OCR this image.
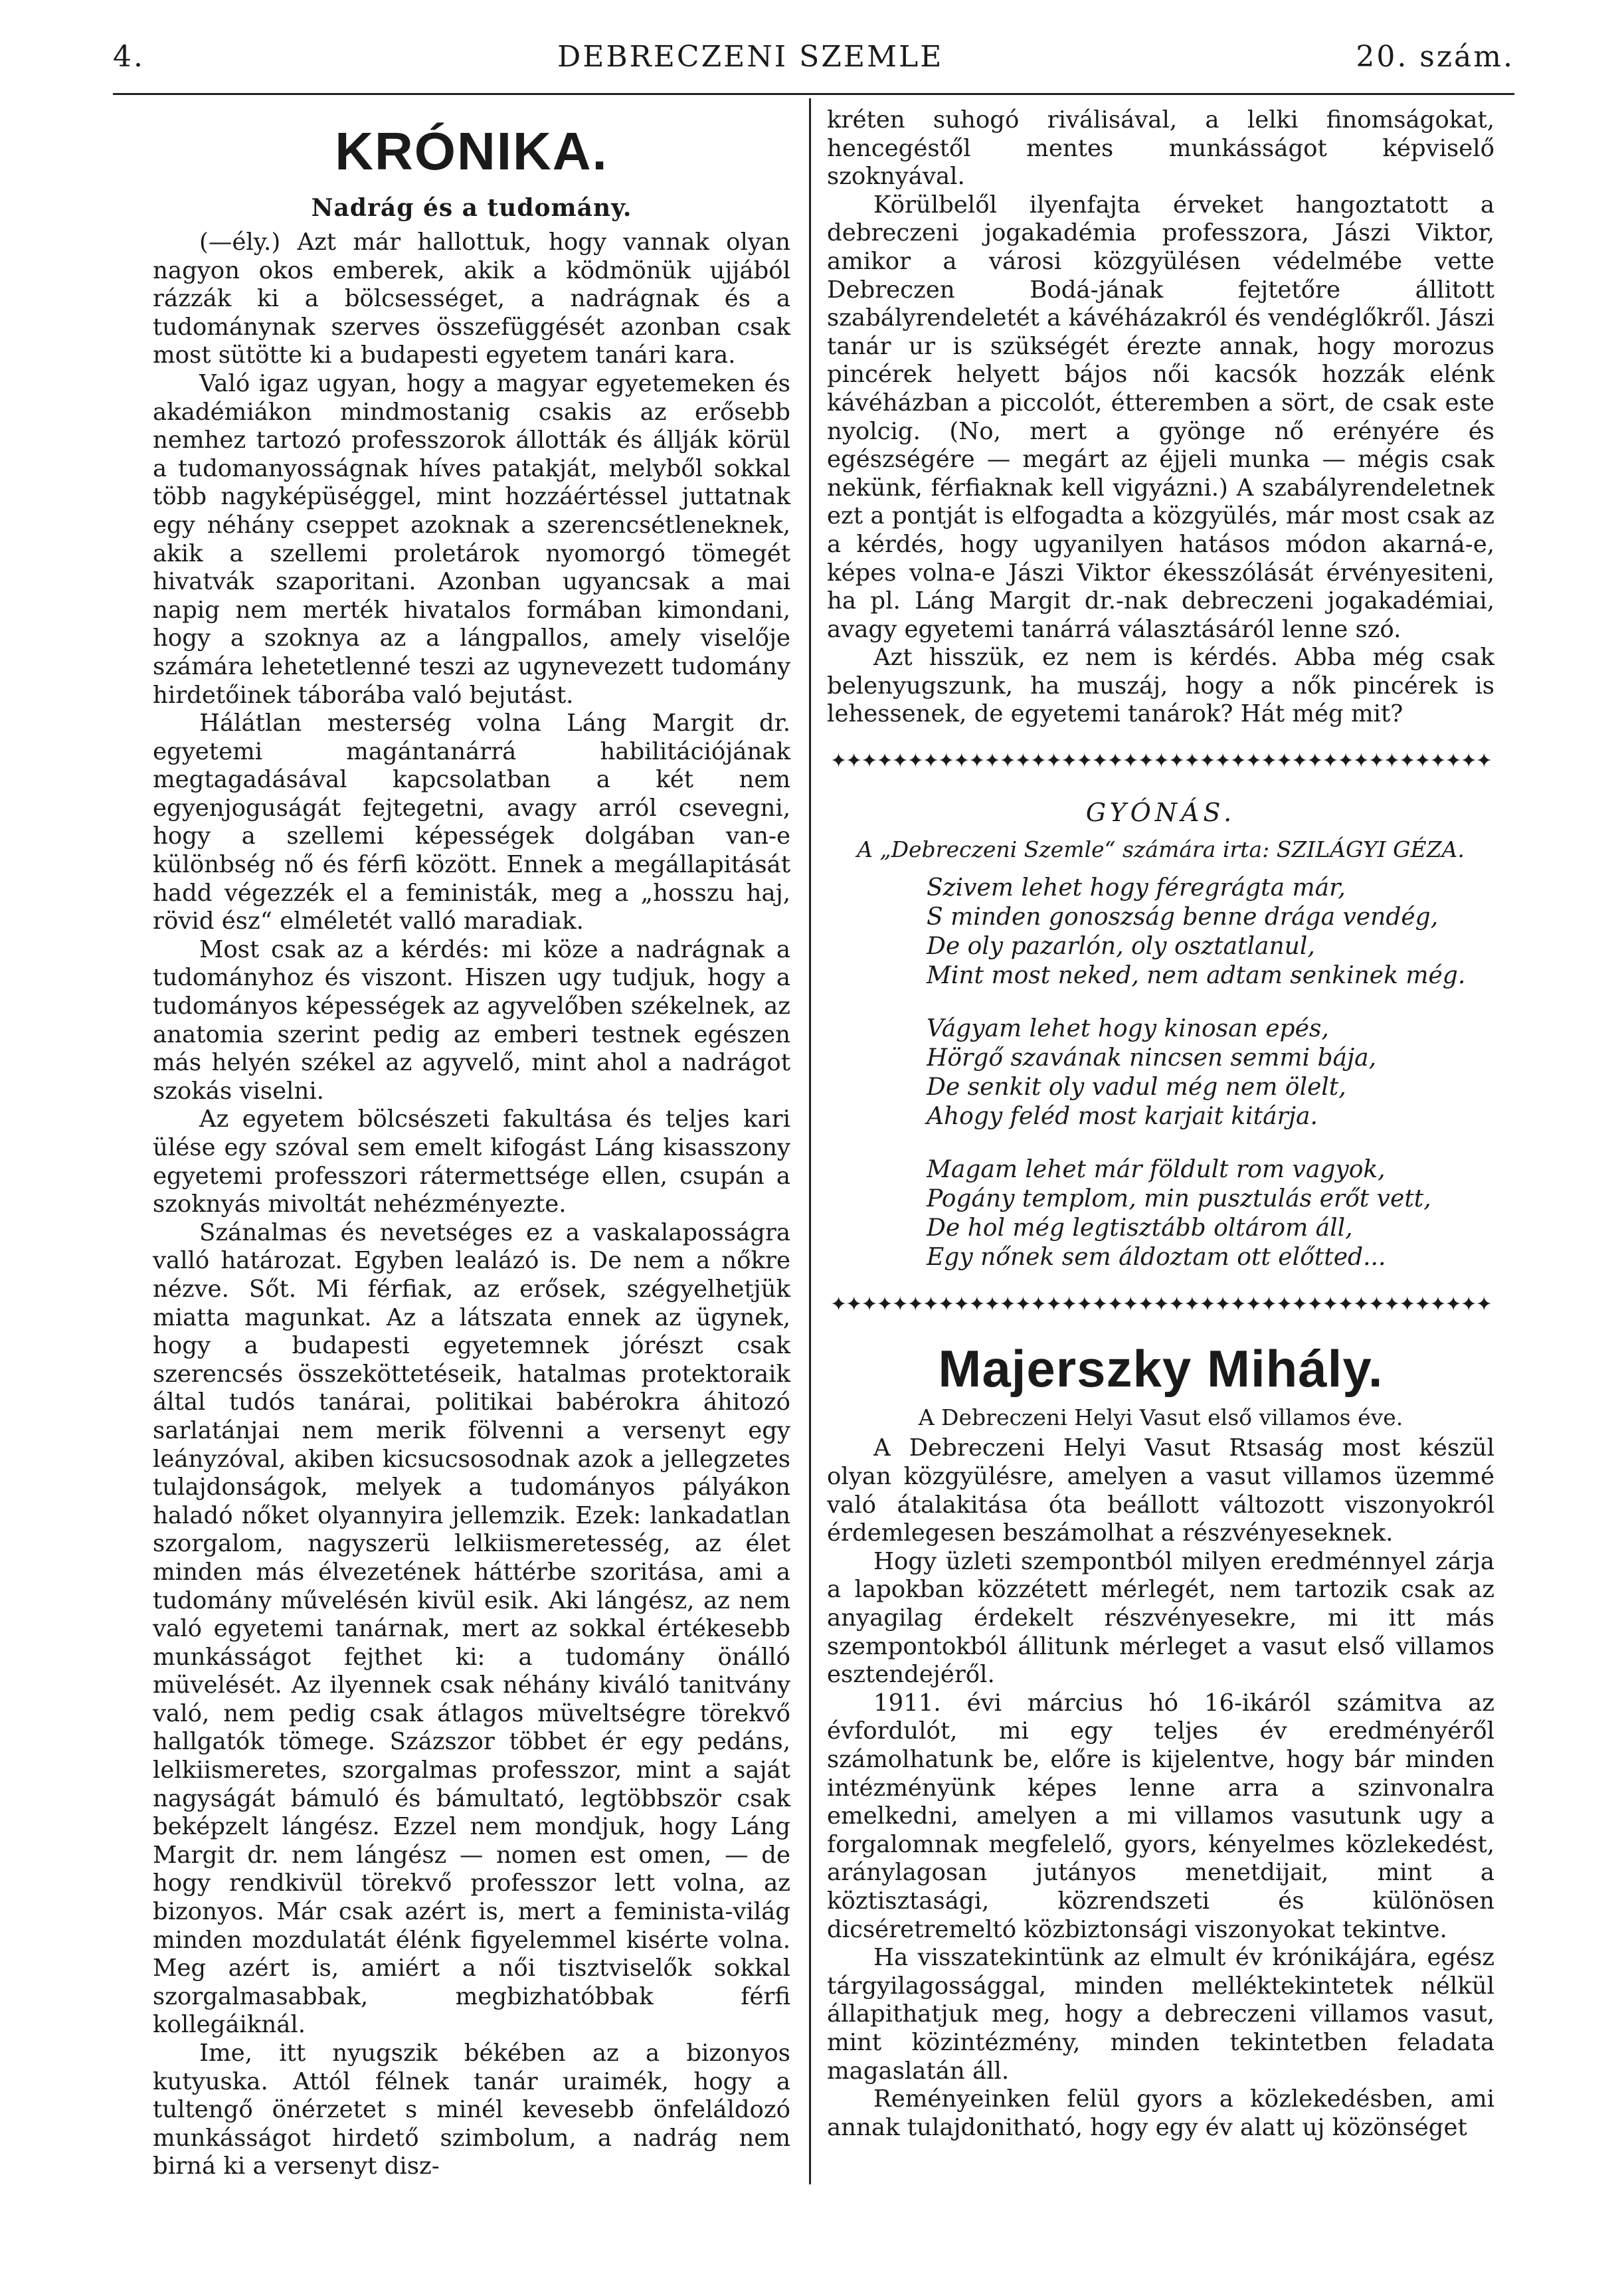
4.	DEBRECZENI SZEMLE	20. szám.
KRÓNIKA.
Nadrág és a tudomány.

(—ély.) Azt már hallottuk, hogy vannak olyan nagyon okos emberek, akik a ködmönük ujjából rázzák ki a bölcsességet, a nadrágnak és a tudománynak szerves összefüggését azonban csak most sütötte ki a budapesti egyetem tanári kara.

Való igaz ugyan, hogy a magyar egyetemeken és akadémiákon mindmostanig csakis az erősebb nemhez tartozó professzorok állották és állják körül a tudomanyosságnak híves patakját, melyből sokkal több nagyképüséggel, mint hozzáértéssel juttatnak egy néhány cseppet azoknak a szerencsétleneknek, akik a szellemi proletárok nyomorgó tömegét hivatvák szaporitani. Azonban ugyancsak a mai napig nem merték hivatalos formában kimondani, hogy a szoknya az a lángpallos, amely viselője számára lehetetlenné teszi az ugynevezett tudomány hirdetőinek táborába való bejutást.

Hálátlan mesterség volna Láng Margit dr. egyetemi magántanárrá habilitációjának megtagadásával kapcsolatban a két nem egyenjoguságát fejtegetni, avagy arról csevegni, hogy a szellemi képességek dolgában van-e különbség nő és férfi között. Ennek a megállapitását hadd végezzék el a feministák, meg a „hosszu haj, rövid ész“ elméletét valló maradiak.

Most csak az a kérdés: mi köze a nadrágnak a tudományhoz és viszont. Hiszen ugy tudjuk, hogy a tudományos képességek az agyvelőben székelnek, az anatomia szerint pedig az emberi testnek egészen más helyén székel az agyvelő, mint ahol a nadrágot szokás viselni.

Az egyetem bölcsészeti fakultása és teljes kari ülése egy szóval sem emelt kifogást Láng kisasszony egyetemi professzori rátermettsége ellen, csupán a szoknyás mivoltát nehézményezte.

Szánalmas és nevetséges ez a vaskalaposságra valló határozat. Egyben lealázó is. De nem a nőkre nézve. Sőt. Mi férfiak, az erősek, szégyelhetjük miatta magunkat. Az a látszata ennek az ügynek, hogy a budapesti egyetemnek jórészt csak szerencsés összeköttetéseik, hatalmas protektoraik által tudós tanárai, politikai babérokra áhitozó sarlatánjai nem merik fölvenni a versenyt egy leányzóval, akiben kicsucsosodnak azok a jellegzetes tulajdonságok, melyek a tudományos pályákon haladó nőket olyannyira jellemzik. Ezek: lankadatlan szorgalom, nagyszerü lelkiismeretesség, az élet minden más élvezetének háttérbe szoritása, ami a tudomány művelésén kivül esik. Aki lángész, az nem való egyetemi tanárnak, mert az sokkal értékesebb munkásságot fejthet ki: a tudomány önálló müvelését. Az ilyennek csak néhány kiváló tanitvány való, nem pedig csak átlagos müveltségre törekvő hallgatók tömege. Százszor többet ér egy pedáns, lelkiismeretes, szorgalmas professzor, mint a saját nagyságát bámuló és bámultató, legtöbbször csak beképzelt lángész. Ezzel nem mondjuk, hogy Láng Margit dr. nem lángész — nomen est omen, — de hogy rendkivül törekvő professzor lett volna, az bizonyos. Már csak azért is, mert a feminista-világ minden mozdulatát élénk figyelemmel kisérte volna. Meg azért is, amiért a női tisztviselők sokkal szorgalmasabbak, megbizhatóbbak férfi kollegáiknál.

Ime, itt nyugszik békében az a bizonyos kutyuska. Attól félnek tanár uraimék, hogy a tultengő önérzetet s minél kevesebb önfeláldozó munkásságot hirdető szimbolum, a nadrág nem birná ki a versenyt disz-

kréten suhogó riválisával, a lelki finomságokat, hencegéstől mentes munkásságot képviselő szoknyával.

Körülbelől ilyenfajta érveket hangoztatott a debreczeni jogakadémia professzora, Jászi Viktor, amikor a városi közgyülésen védelmébe vette Debreczen Bodá-jának fejtetőre állitott szabályrendeletét a kávéházakról és vendéglőkről. Jászi tanár ur is szükségét érezte annak, hogy morozus pincérek helyett bájos női kacsók hozzák elénk kávéházban a piccolót, étteremben a sört, de csak este nyolcig. (No, mert a gyönge nő erényére és egészségére — megárt az éjjeli munka — mégis csak nekünk, férfiaknak kell vigyázni.) A szabályrendeletnek ezt a pontját is elfogadta a közgyülés, már most csak az a kérdés, hogy ugyanilyen hatásos módon akarná-e, képes volna-e Jászi Viktor ékesszólását érvényesiteni, ha pl. Láng Margit dr.-nak debreczeni jogakadémiai, avagy egyetemi tanárrá választásáról lenne szó.

Azt hisszük, ez nem is kérdés. Abba még csak belenyugszunk, ha muszáj, hogy a nők pincérek is lehessenek, de egyetemi tanárok? Hát még mit?

✦✦✦✦✦✦✦✦✦✦✦✦✦✦✦✦✦✦✦✦✦✦✦✦✦✦✦✦✦✦✦✦✦✦✦✦✦✦✦✦✦✦✦
GYÓNÁS.
A „Debreczeni Szemle“ számára irta: SZILÁGYI GÉZA.
Szivem lehet hogy féregrágta már,
S minden gonoszság benne drága vendég,
De oly pazarlón, oly osztatlanul,
Mint most neked, nem adtam senkinek még.
Vágyam lehet hogy kinosan epés,
Hörgő szavának nincsen semmi bája,
De senkit oly vadul még nem ölelt,
Ahogy feléd most karjait kitárja.
Magam lehet már földult rom vagyok,
Pogány templom, min pusztulás erőt vett,
De hol még legtisztább oltárom áll,
Egy nőnek sem áldoztam ott előtted...
✦✦✦✦✦✦✦✦✦✦✦✦✦✦✦✦✦✦✦✦✦✦✦✦✦✦✦✦✦✦✦✦✦✦✦✦✦✦✦✦✦✦✦
Majerszky Mihály.
A Debreczeni Helyi Vasut első villamos éve.

A Debreczeni Helyi Vasut Rtsaság most készül olyan közgyülésre, amelyen a vasut villamos üzemmé való átalakitása óta beállott változott viszonyokról érdemlegesen beszámolhat a részvényeseknek.

Hogy üzleti szempontból milyen eredménnyel zárja a lapokban közzétett mérlegét, nem tartozik csak az anyagilag érdekelt részvényesekre, mi itt más szempontokból állitunk mérleget a vasut első villamos esztendejéről.

1911. évi március hó 16-ikáról számitva az évfordulót, mi egy teljes év eredményéről számolhatunk be, előre is kijelentve, hogy bár minden intézményünk képes lenne arra a szinvonalra emelkedni, amelyen a mi villamos vasutunk ugy a forgalomnak megfelelő, gyors, kényelmes közlekedést, aránylagosan jutányos menetdijait, mint a köztisztasági, közrendszeti és különösen dicséretremeltó közbiztonsági viszonyokat tekintve.

Ha visszatekintünk az elmult év krónikájára, egész tárgyilagossággal, minden melléktekintetek nélkül állapithatjuk meg, hogy a debreczeni villamos vasut, mint közintézmény, minden tekintetben feladata magaslatán áll.

Reményeinken felül gyors a közlekedésben, ami annak tulajdonitható, hogy egy év alatt uj közönséget
